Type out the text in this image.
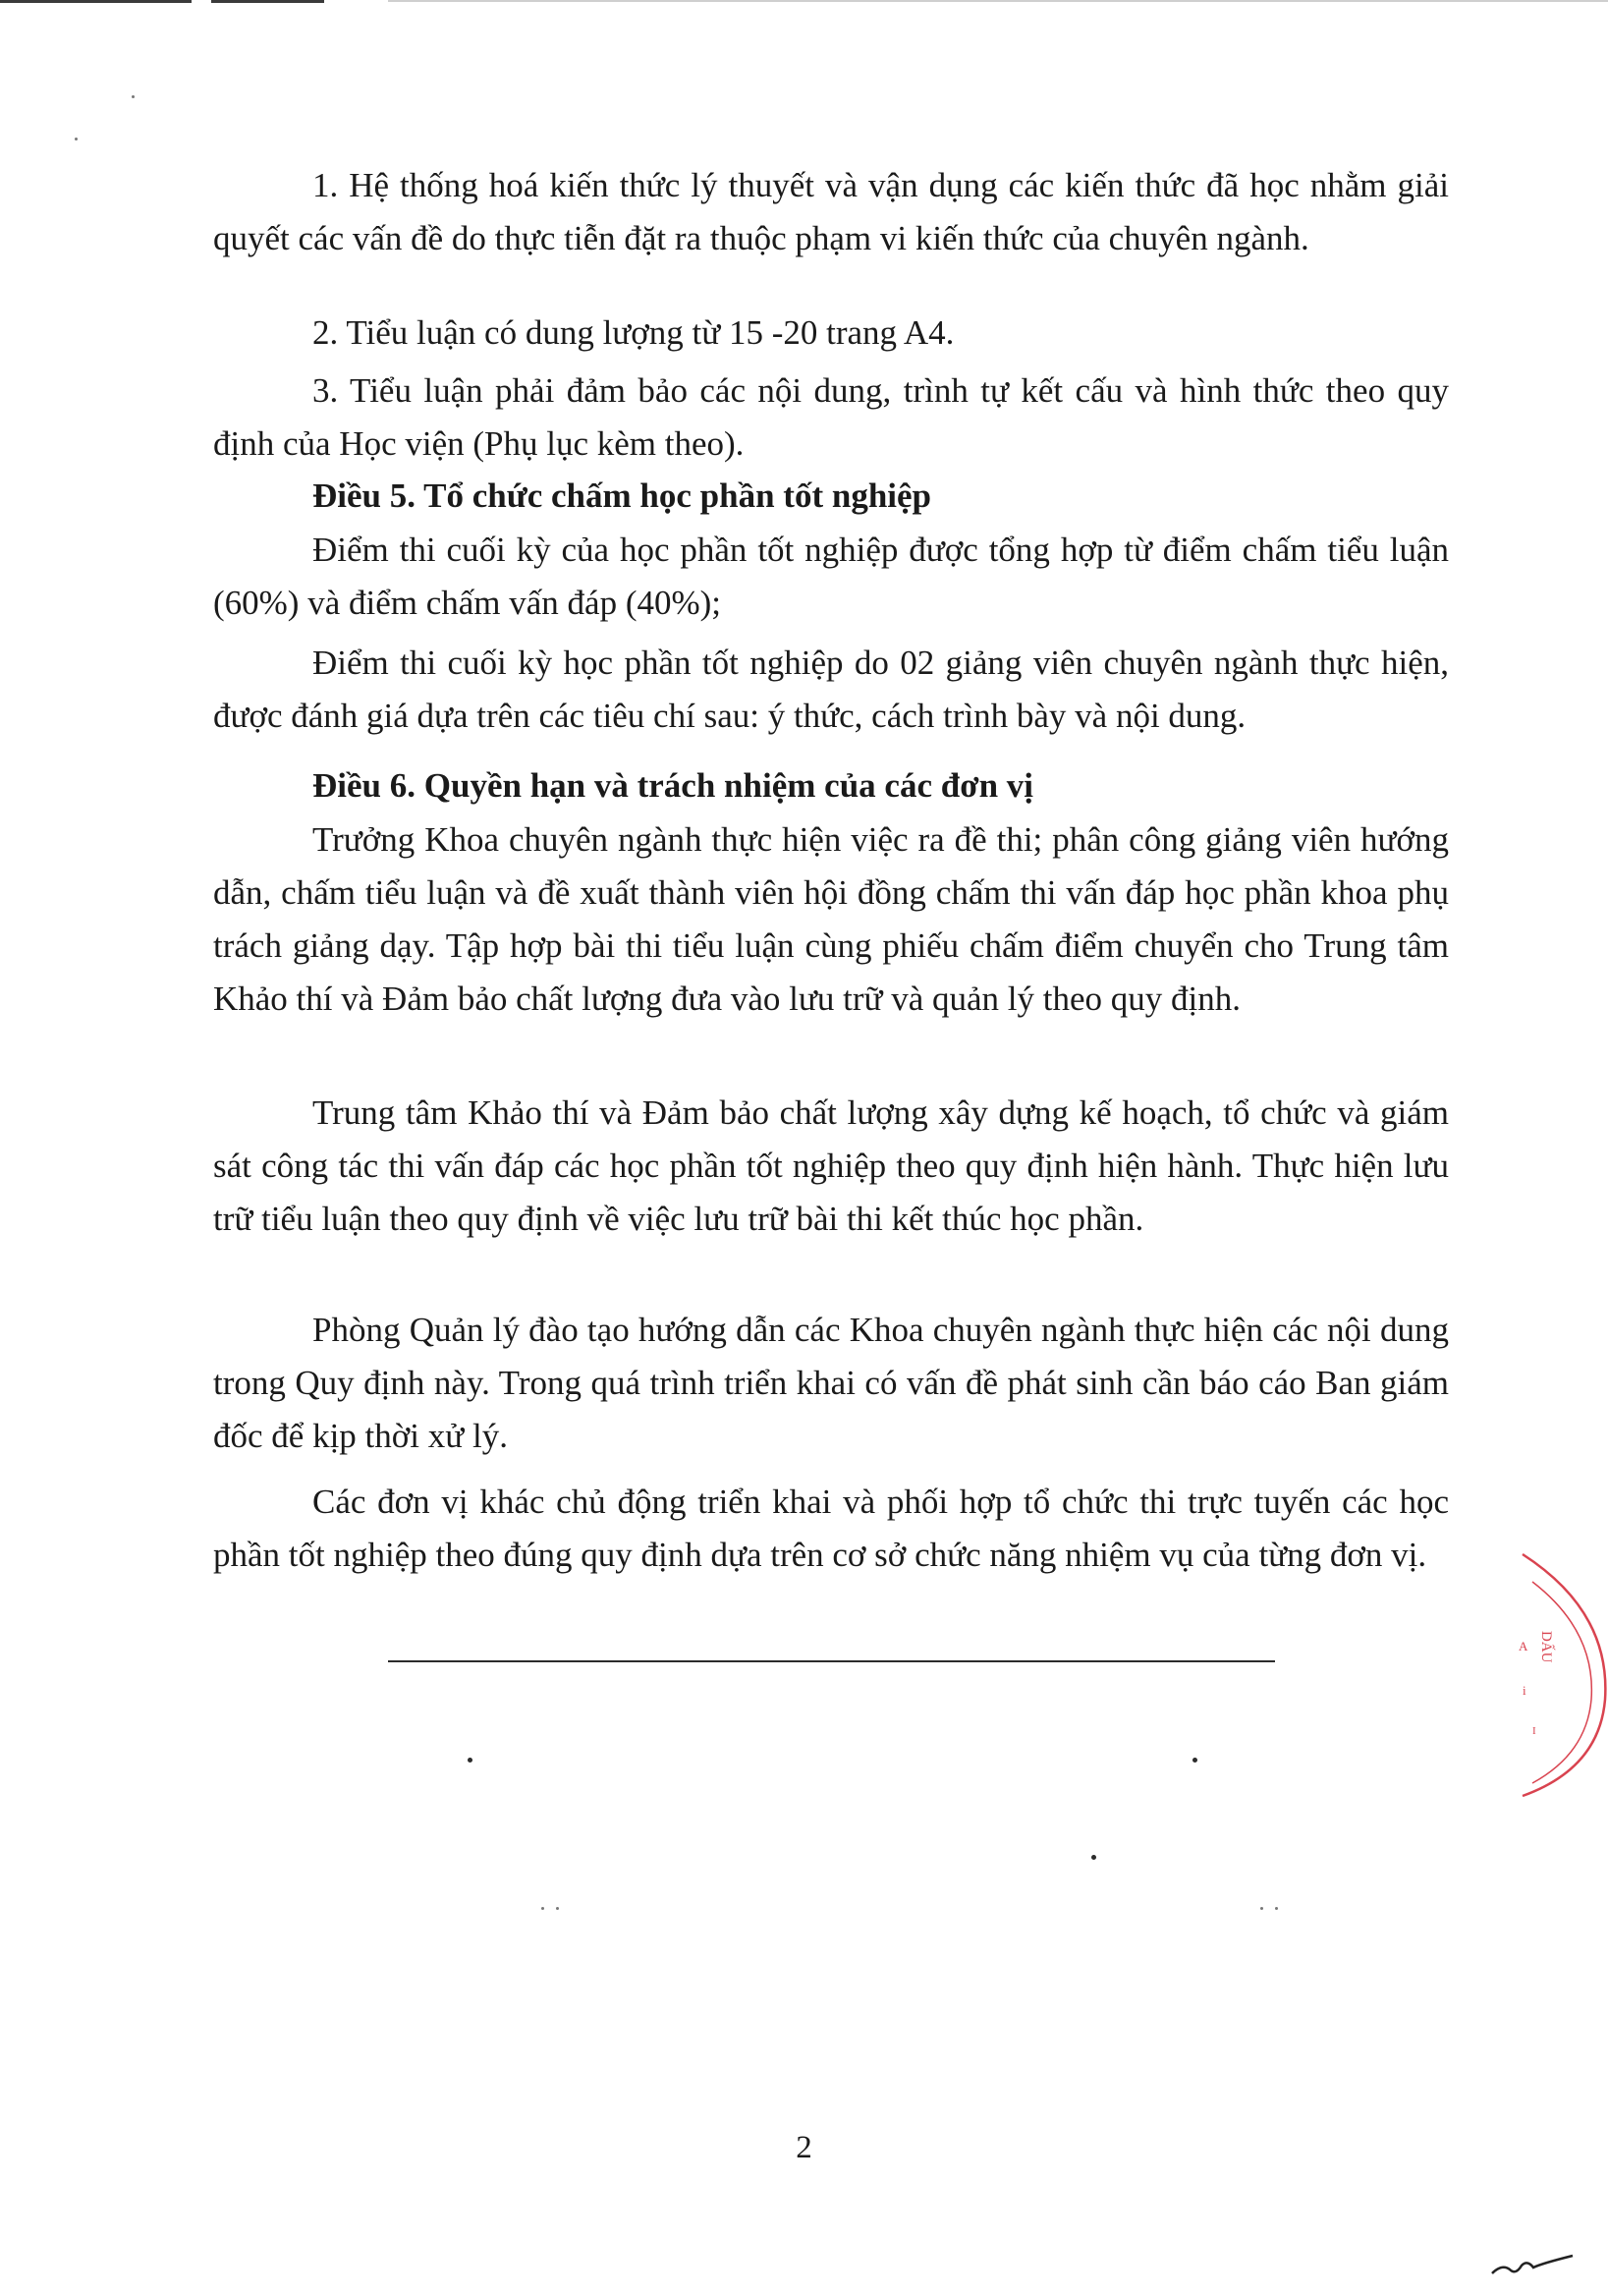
1. Hệ thống hoá kiến thức lý thuyết và vận dụng các kiến thức đã học nhằm giải quyết các vấn đề do thực tiễn đặt ra thuộc phạm vi kiến thức của chuyên ngành.

2. Tiểu luận có dung lượng từ 15 -20 trang A4.

3. Tiểu luận phải đảm bảo các nội dung, trình tự kết cấu và hình thức theo quy định của Học viện (Phụ lục kèm theo).

Điều 5. Tổ chức chấm học phần tốt nghiệp

Điểm thi cuối kỳ của học phần tốt nghiệp được tổng hợp từ điểm chấm tiểu luận (60%) và điểm chấm vấn đáp (40%);

Điểm thi cuối kỳ học phần tốt nghiệp do 02 giảng viên chuyên ngành thực hiện, được đánh giá dựa trên các tiêu chí sau: ý thức, cách trình bày và nội dung.

Điều 6. Quyền hạn và trách nhiệm của các đơn vị

Trưởng Khoa chuyên ngành thực hiện việc ra đề thi; phân công giảng viên hướng dẫn, chấm tiểu luận và đề xuất thành viên hội đồng chấm thi vấn đáp học phần khoa phụ trách giảng dạy. Tập hợp bài thi tiểu luận cùng phiếu chấm điểm chuyển cho Trung tâm Khảo thí và Đảm bảo chất lượng đưa vào lưu trữ và quản lý theo quy định.

Trung tâm Khảo thí và Đảm bảo chất lượng xây dựng kế hoạch, tổ chức và giám sát công tác thi vấn đáp các học phần tốt nghiệp theo quy định hiện hành. Thực hiện lưu trữ tiểu luận theo quy định về việc lưu trữ bài thi kết thúc học phần.

Phòng Quản lý đào tạo hướng dẫn các Khoa chuyên ngành thực hiện các nội dung trong Quy định này. Trong quá trình triển khai có vấn đề phát sinh cần báo cáo Ban giám đốc để kịp thời xử lý.

Các đơn vị khác chủ động triển khai và phối hợp tổ chức thi trực tuyến các học phần tốt nghiệp theo đúng quy định dựa trên cơ sở chức năng nhiệm vụ của từng đơn vị.

2
DẤU
A
i
I
